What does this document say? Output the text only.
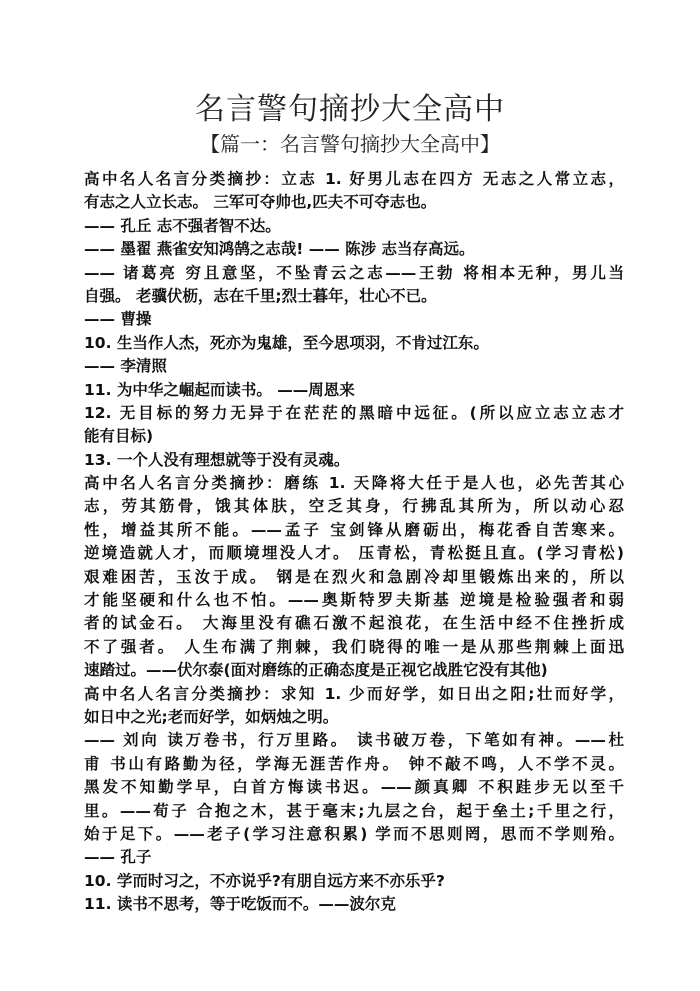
名言警句摘抄大全高中
【篇一：名言警句摘抄大全高中】
高中名人名言分类摘抄：立志 1. 好男儿志在四方 无志之人常立志，
有志之人立长志。 三军可夺帅也,匹夫不可夺志也。
—— 孔丘 志不强者智不达。
—— 墨翟 燕雀安知鸿鹄之志哉! —— 陈涉 志当存高远。
—— 诸葛亮 穷且意坚，不坠青云之志——王勃 将相本无种，男儿当
自强。 老骥伏枥，志在千里;烈士暮年，壮心不已。
—— 曹操
10. 生当作人杰，死亦为鬼雄，至今思项羽，不肯过江东。
—— 李清照
11. 为中华之崛起而读书。 ——周恩来
12. 无目标的努力无异于在茫茫的黑暗中远征。(所以应立志立志才
能有目标)
13. 一个人没有理想就等于没有灵魂。
高中名人名言分类摘抄：磨练 1. 天降将大任于是人也，必先苦其心
志，劳其筋骨，饿其体肤，空乏其身，行拂乱其所为，所以动心忍
性，增益其所不能。——孟子 宝剑锋从磨砺出，梅花香自苦寒来。
逆境造就人才，而顺境埋没人才。 压青松，青松挺且直。(学习青松)
艰难困苦，玉汝于成。 钢是在烈火和急剧冷却里锻炼出来的，所以
才能坚硬和什么也不怕。——奥斯特罗夫斯基 逆境是检验强者和弱
者的试金石。 大海里没有礁石激不起浪花，在生活中经不住挫折成
不了强者。 人生布满了荆棘，我们晓得的唯一是从那些荆棘上面迅
速踏过。——伏尔泰(面对磨练的正确态度是正视它战胜它没有其他)
高中名人名言分类摘抄：求知 1. 少而好学，如日出之阳;壮而好学，
如日中之光;老而好学，如炳烛之明。
—— 刘向 读万卷书，行万里路。 读书破万卷，下笔如有神。——杜
甫 书山有路勤为径，学海无涯苦作舟。 钟不敲不鸣，人不学不灵。
黑发不知勤学早，白首方悔读书迟。——颜真卿 不积跬步无以至千
里。——荀子 合抱之木，甚于毫末;九层之台，起于垒土;千里之行，
始于足下。——老子(学习注意积累) 学而不思则罔，思而不学则殆。
—— 孔子
10. 学而时习之，不亦说乎?有朋自远方来不亦乐乎?
11. 读书不思考，等于吃饭而不。——波尔克
